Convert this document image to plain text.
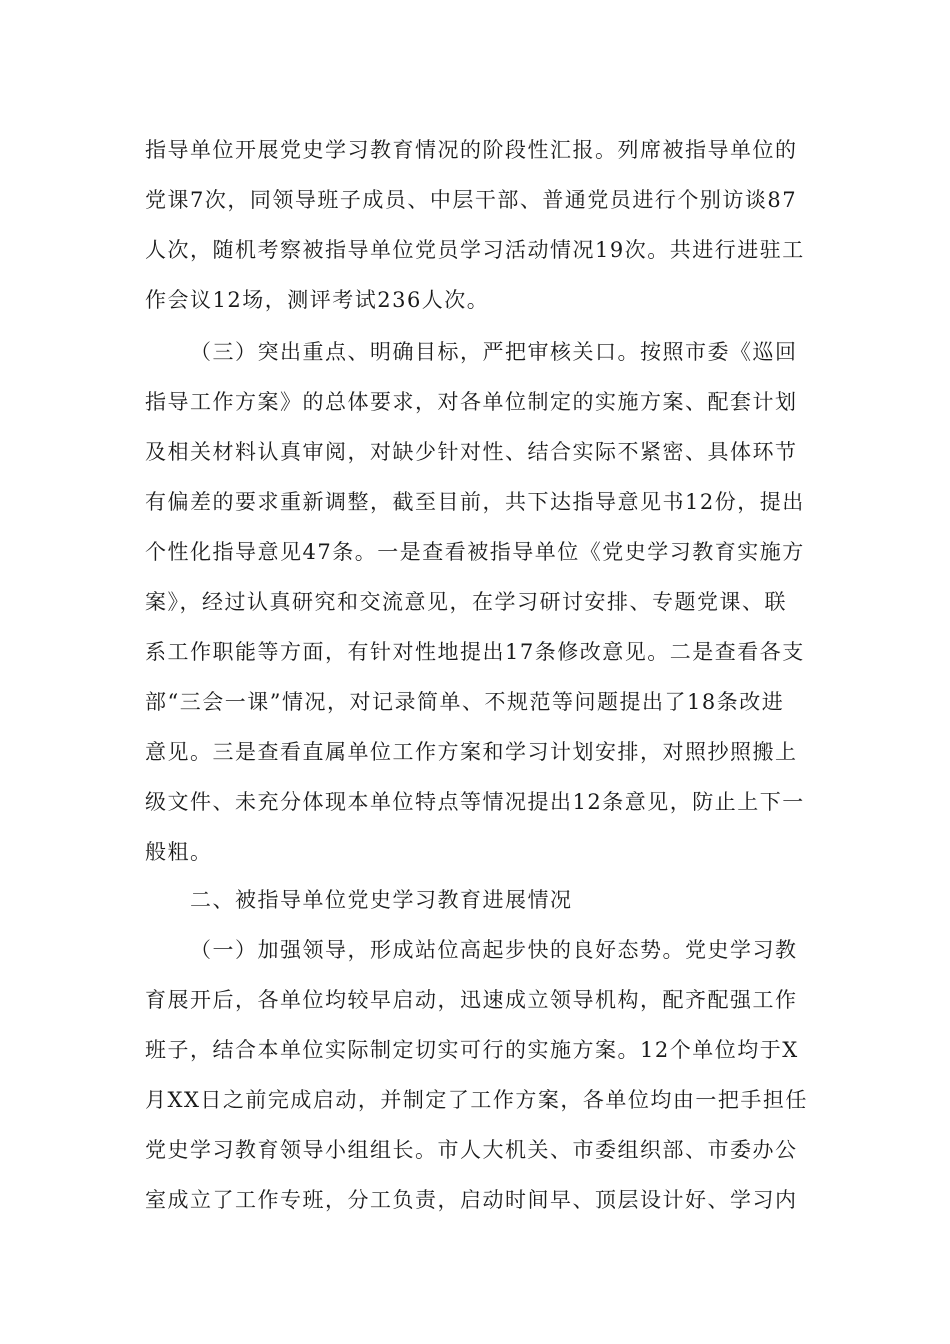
指导单位开展党史学习教育情况的阶段性汇报。列席被指导单位的
党课7次，同领导班子成员、中层干部、普通党员进行个别访谈87
人次，随机考察被指导单位党员学习活动情况19次。共进行进驻工
作会议12场，测评考试236人次。
（三）突出重点、明确目标，严把审核关口。按照市委《巡回
指导工作方案》的总体要求，对各单位制定的实施方案、配套计划
及相关材料认真审阅，对缺少针对性、结合实际不紧密、具体环节
有偏差的要求重新调整，截至目前，共下达指导意见书12份，提出
个性化指导意见47条。一是查看被指导单位《党史学习教育实施方
案》，经过认真研究和交流意见，在学习研讨安排、专题党课、联
系工作职能等方面，有针对性地提出17条修改意见。二是查看各支
部“三会一课”情况，对记录简单、不规范等问题提出了18条改进
意见。三是查看直属单位工作方案和学习计划安排，对照抄照搬上
级文件、未充分体现本单位特点等情况提出12条意见，防止上下一
般粗。
二、被指导单位党史学习教育进展情况
（一）加强领导，形成站位高起步快的良好态势。党史学习教
育展开后，各单位均较早启动，迅速成立领导机构，配齐配强工作
班子，结合本单位实际制定切实可行的实施方案。12个单位均于X
月XX日之前完成启动，并制定了工作方案，各单位均由一把手担任
党史学习教育领导小组组长。市人大机关、市委组织部、市委办公
室成立了工作专班，分工负责，启动时间早、顶层设计好、学习内
